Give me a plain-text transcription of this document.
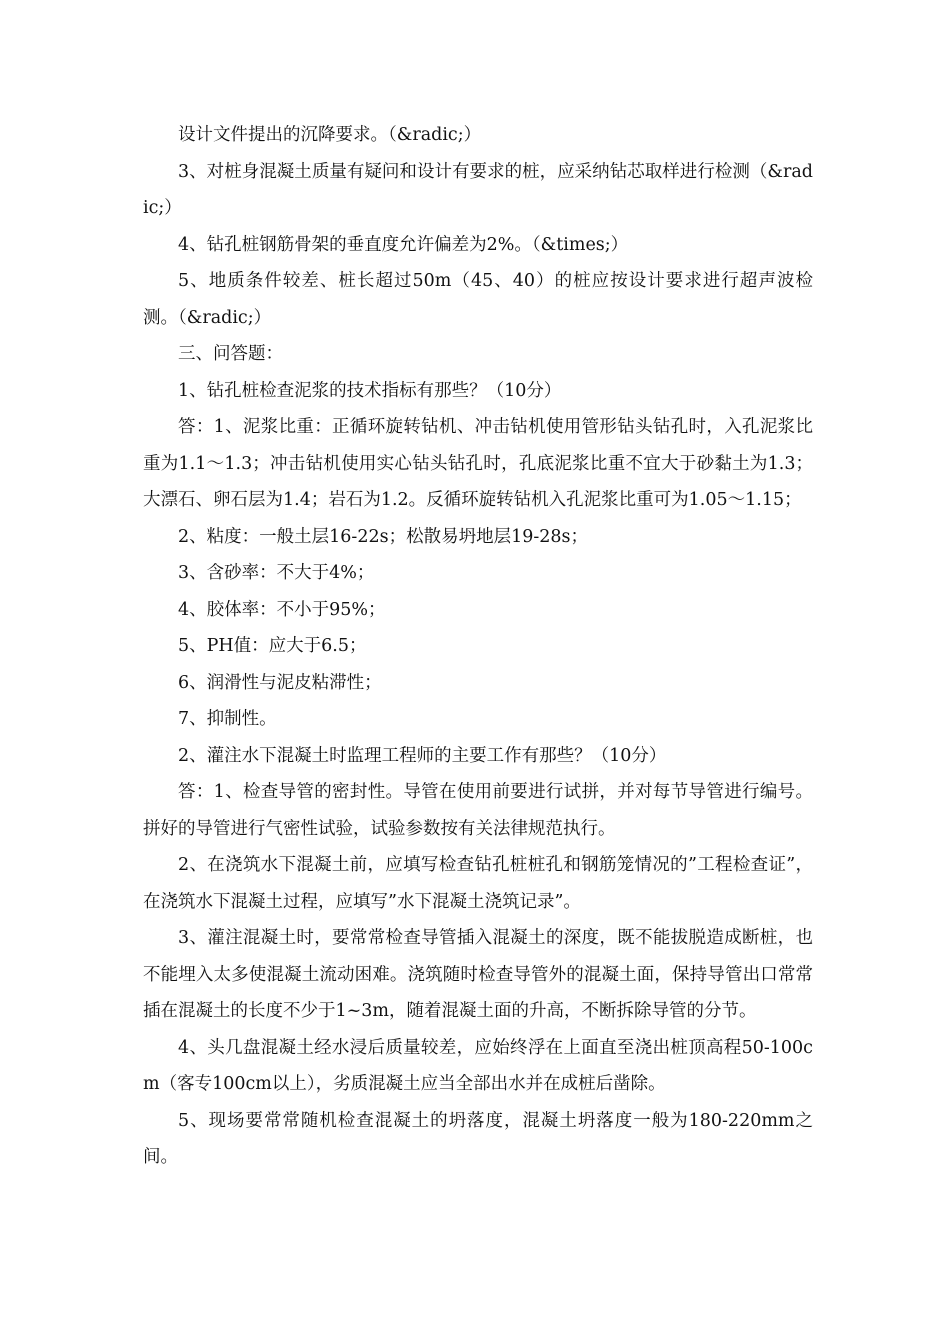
设计文件提出的沉降要求。（&radic;）

3、对桩身混凝土质量有疑问和设计有要求的桩，应采纳钻芯取样进行检测（&radic;）

4、钻孔桩钢筋骨架的垂直度允许偏差为2%。（&times;）

5、地质条件较差、桩长超过50m（45、40）的桩应按设计要求进行超声波检测。（&radic;）

三、问答题：

1、钻孔桩检查泥浆的技术指标有那些？（10分）

答：1、泥浆比重：正循环旋转钻机、冲击钻机使用管形钻头钻孔时，入孔泥浆比重为1.1～1.3；冲击钻机使用实心钻头钻孔时，孔底泥浆比重不宜大于砂黏土为1.3；大漂石、卵石层为1.4；岩石为1.2。反循环旋转钻机入孔泥浆比重可为1.05～1.15；

2、粘度：一般土层16-22s；松散易坍地层19-28s；

3、含砂率：不大于4%；

4、胶体率：不小于95%；

5、PH值：应大于6.5；

6、润滑性与泥皮粘滞性；

7、抑制性。

2、灌注水下混凝土时监理工程师的主要工作有那些？（10分）

答：1、检查导管的密封性。导管在使用前要进行试拼，并对每节导管进行编号。拼好的导管进行气密性试验，试验参数按有关法律规范执行。

2、在浇筑水下混凝土前，应填写检查钻孔桩桩孔和钢筋笼情况的”工程检查证”，在浇筑水下混凝土过程，应填写”水下混凝土浇筑记录”。

3、灌注混凝土时，要常常检查导管插入混凝土的深度，既不能拔脱造成断桩，也不能埋入太多使混凝土流动困难。浇筑随时检查导管外的混凝土面，保持导管出口常常插在混凝土的长度不少于1~3m，随着混凝土面的升高，不断拆除导管的分节。

4、头几盘混凝土经水浸后质量较差，应始终浮在上面直至浇出桩顶高程50-100cm（客专100cm以上），劣质混凝土应当全部出水并在成桩后凿除。

5、现场要常常随机检查混凝土的坍落度，混凝土坍落度一般为180-220mm之间。
